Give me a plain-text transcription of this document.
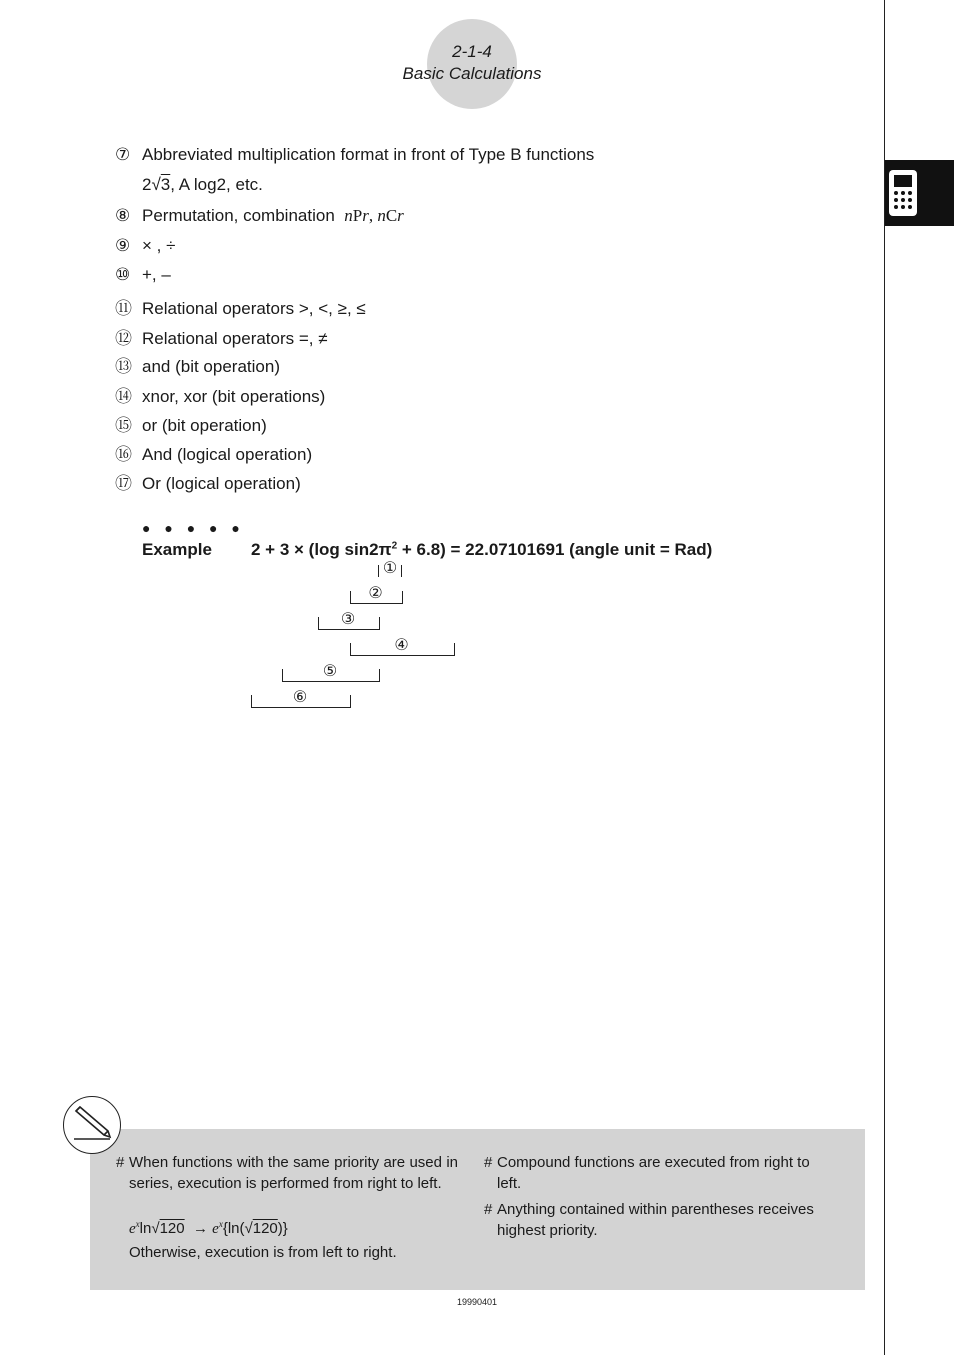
2-1-4
Basic Calculations
⑦ Abbreviated multiplication format in front of Type B functions
2√3, A log2, etc.
⑧ Permutation, combination nPr, nCr
⑨ × , ÷
⑩ +, –
⑪ Relational operators >, <, ≥, ≤
⑫ Relational operators =, ≠
⑬ and (bit operation)
⑭ xnor, xor (bit operations)
⑮ or (bit operation)
⑯ And (logical operation)
⑰ Or (logical operation)
● ● ● ● ●
Example 2 + 3 × (log $\sin 2\pi^2 + 6.8) = 22.07101691$ (angle unit = Rad)
①
②
③
④
⑤
⑥
# When functions with the same priority are used in series, execution is performed from right to left.
$e^x\ln√120 \to e^x\{\ln(√120)\}$
Otherwise, execution is from left to right.
# Compound functions are executed from right to left.
# Anything contained within parentheses receives highest priority.
19990401
